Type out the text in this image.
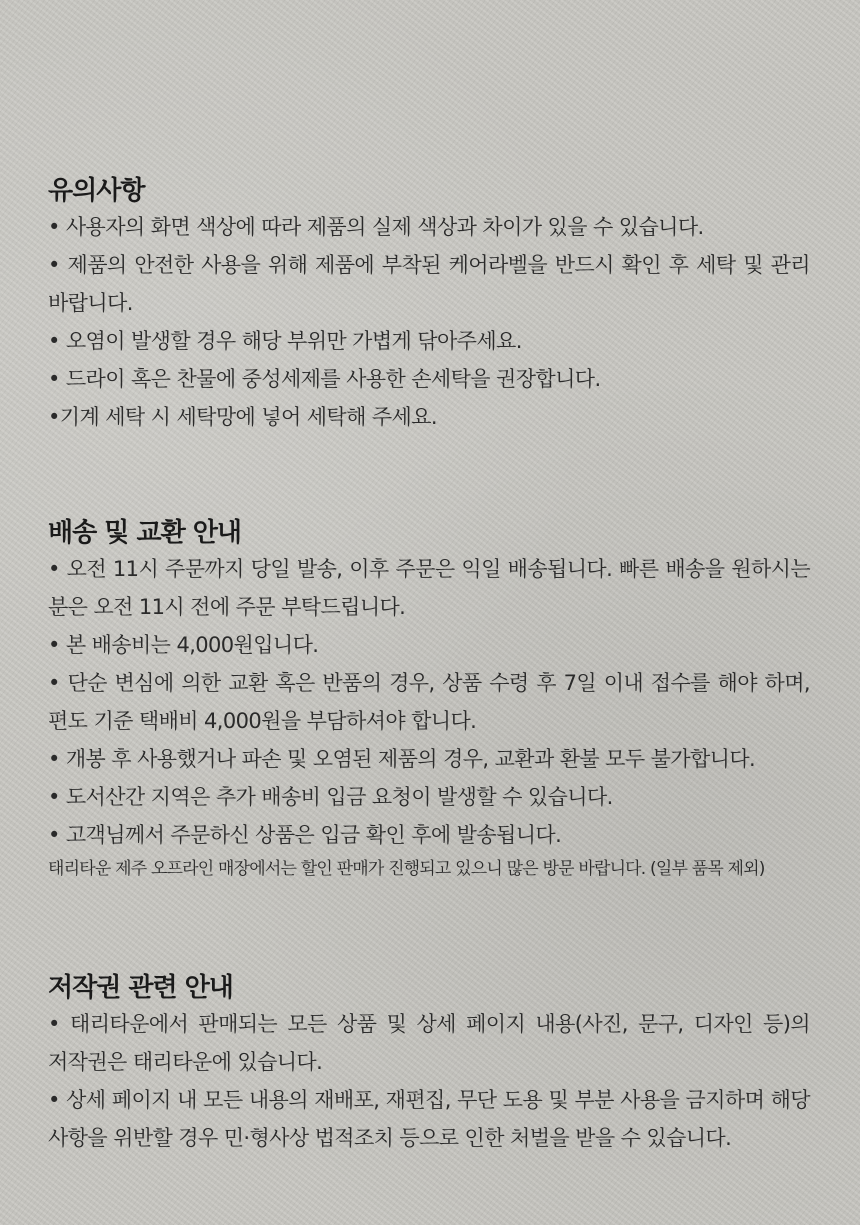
유의사항

• 사용자의 화면 색상에 따라 제품의 실제 색상과 차이가 있을 수 있습니다.

• 제품의 안전한 사용을 위해 제품에 부착된 케어라벨을 반드시 확인 후 세탁 및 관리 바랍니다.

• 오염이 발생할 경우 해당 부위만 가볍게 닦아주세요.

• 드라이 혹은 찬물에 중성세제를 사용한 손세탁을 권장합니다.

•기계 세탁 시 세탁망에 넣어 세탁해 주세요.

배송 및 교환 안내

• 오전 11시 주문까지 당일 발송, 이후 주문은 익일 배송됩니다. 빠른 배송을 원하시는 분은 오전 11시 전에 주문 부탁드립니다.

• 본 배송비는 4,000원입니다.

• 단순 변심에 의한 교환 혹은 반품의 경우, 상품 수령 후 7일 이내 접수를 해야 하며, 편도 기준 택배비 4,000원을 부담하셔야 합니다.

• 개봉 후 사용했거나 파손 및 오염된 제품의 경우, 교환과 환불 모두 불가합니다.

• 도서산간 지역은 추가 배송비 입금 요청이 발생할 수 있습니다.

• 고객님께서 주문하신 상품은 입금 확인 후에 발송됩니다.

태리타운 제주 오프라인 매장에서는 할인 판매가 진행되고 있으니 많은 방문 바랍니다. (일부 품목 제외)

저작권 관련 안내

• 태리타운에서 판매되는 모든 상품 및 상세 페이지 내용(사진, 문구, 디자인 등)의 저작권은 태리타운에 있습니다.

• 상세 페이지 내 모든 내용의 재배포, 재편집, 무단 도용 및 부분 사용을 금지하며 해당 사항을 위반할 경우 민·형사상 법적조치 등으로 인한 처벌을 받을 수 있습니다.
